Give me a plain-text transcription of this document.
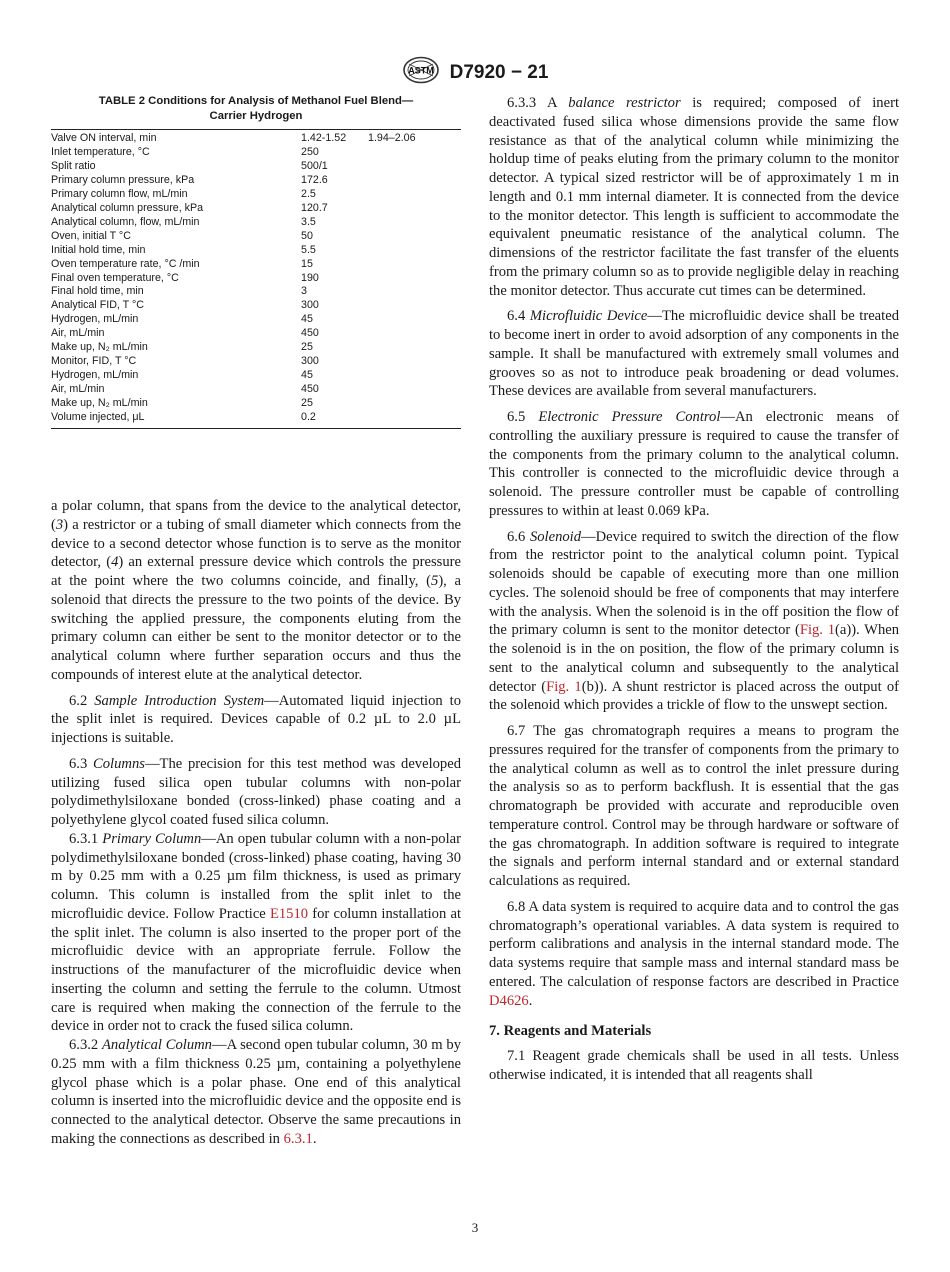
ASTM D7920 − 21
TABLE 2 Conditions for Analysis of Methanol Fuel Blend—
Carrier Hydrogen
Valve ON interval, min	1.42-1.52	1.94–2.06
Inlet temperature, °C	250
Split ratio	500/1
Primary column pressure, kPa	172.6
Primary column flow, mL/min	2.5
Analytical column pressure, kPa	120.7
Analytical column, flow, mL/min	3.5
Oven, initial T °C	50
Initial hold time, min	5.5
Oven temperature rate, °C /min	15
Final oven temperature, °C	190
Final hold time, min	3
Analytical FID, T °C	300
Hydrogen, mL/min	45
Air, mL/min	450
Make up, N₂ mL/min	25
Monitor, FID, T °C	300
Hydrogen, mL/min	45
Air, mL/min	450
Make up, N₂ mL/min	25
Volume injected, μL	0.2

a polar column, that spans from the device to the analytical detector, (3) a restrictor or a tubing of small diameter which connects from the device to a second detector whose function is to serve as the monitor detector, (4) an external pressure device which controls the pressure at the point where the two columns coincide, and finally, (5), a solenoid that directs the pressure to the two points of the device. By switching the applied pressure, the components eluting from the primary column can either be sent to the monitor detector or to the analytical column where further separation occurs and thus the compounds of interest elute at the analytical detector.

6.2 Sample Introduction System—Automated liquid injection to the split inlet is required. Devices capable of 0.2 µL to 2.0 µL injections is suitable.

6.3 Columns—The precision for this test method was developed utilizing fused silica open tubular columns with non-polar polydimethylsiloxane bonded (cross-linked) phase coating and a polyethylene glycol coated fused silica column.

6.3.1 Primary Column—An open tubular column with a non-polar polydimethylsiloxane bonded (cross-linked) phase coating, having 30 m by 0.25 mm with a 0.25 µm film thickness, is used as primary column. This column is installed from the split inlet to the microfluidic device. Follow Practice E1510 for column installation at the split inlet. The column is also inserted to the proper port of the microfluidic device with an appropriate ferrule. Follow the instructions of the manufacturer of the microfluidic device when inserting the column and setting the ferrule to the column. Utmost care is required when making the connection of the ferrule to the device in order not to crack the fused silica column.

6.3.2 Analytical Column—A second open tubular column, 30 m by 0.25 mm with a film thickness 0.25 µm, containing a polyethylene glycol phase which is a polar phase. One end of this analytical column is inserted into the microfluidic device and the opposite end is connected to the analytical detector. Observe the same precautions in making the connections as described in 6.3.1.

6.3.3 A balance restrictor is required; composed of inert deactivated fused silica whose dimensions provide the same flow resistance as that of the analytical column while minimizing the holdup time of peaks eluting from the primary column to the monitor detector. A typical sized restrictor will be of approximately 1 m in length and 0.1 mm internal diameter. It is connected from the device to the monitor detector. This length is sufficient to accommodate the equivalent pneumatic resistance of the analytical column. The dimensions of the restrictor facilitate the fast transfer of the eluents from the primary column so as to provide negligible delay in reaching the monitor detector. Thus accurate cut times can be determined.

6.4 Microfluidic Device—The microfluidic device shall be treated to become inert in order to avoid adsorption of any components in the sample. It shall be manufactured with extremely small volumes and grooves so as not to introduce peak broadening or dead volumes. These devices are available from several manufacturers.

6.5 Electronic Pressure Control—An electronic means of controlling the auxiliary pressure is required to cause the transfer of the components from the primary column to the analytical column. This controller is connected to the microfluidic device through a solenoid. The pressure controller must be capable of controlling pressures to within at least 0.069 kPa.

6.6 Solenoid—Device required to switch the direction of the flow from the restrictor point to the analytical column point. Typical solenoids should be capable of executing more than one million cycles. The solenoid should be free of components that may interfere with the analysis. When the solenoid is in the off position the flow of the primary column is sent to the monitor detector (Fig. 1(a)). When the solenoid is in the on position, the flow of the primary column is sent to the analytical column and subsequently to the analytical detector (Fig. 1(b)). A shunt restrictor is placed across the output of the solenoid which provides a trickle of flow to the unswept section.

6.7 The gas chromatograph requires a means to program the pressures required for the transfer of components from the primary to the analytical column as well as to control the inlet pressure during the analysis so as to perform backflush. It is essential that the gas chromatograph be provided with accurate and reproducible oven temperature control. Control may be through hardware or software of the gas chromatograph. In addition software is required to integrate the signals and perform internal standard and or external standard calculations as required.

6.8 A data system is required to acquire data and to control the gas chromatograph’s operational variables. A data system is required to perform calibrations and analysis in the internal standard mode. The data systems require that sample mass and internal standard mass be entered. The calculation of response factors are described in Practice D4626.

7. Reagents and Materials

7.1 Reagent grade chemicals shall be used in all tests. Unless otherwise indicated, it is intended that all reagents shall

3
